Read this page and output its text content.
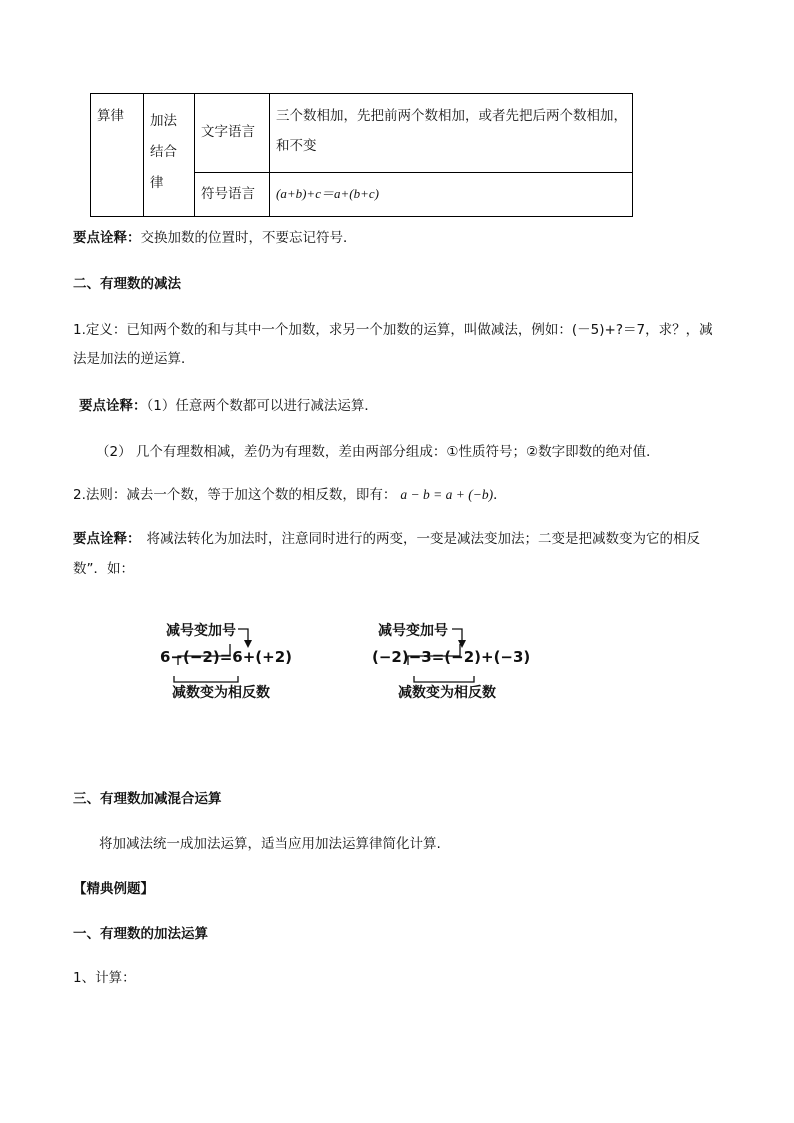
算律 加法
结合
律
文字语言
三个数相加，先把前两个数相加，或者先把后两个数相加，
和不变
符号语言 (a+b)+c＝a+(b+c)
要点诠释：交换加数的位置时，不要忘记符号．
二、有理数的减法
1.定义：已知两个数的和与其中一个加数，求另一个加数的运算，叫做减法，例如：(－5)+?＝7，求？，减
法是加法的逆运算．
要点诠释：（1）任意两个数都可以进行减法运算．
（2） 几个有理数相减，差仍为有理数，差由两部分组成：①性质符号；②数字即数的绝对值．
2.法则：减去一个数，等于加这个数的相反数，即有： a − b = a + (−b)．
要点诠释： 将减法转化为加法时，注意同时进行的两变，一变是减法变加法；二变是把减数变为它的相反
数”．如：
减号变加号
6−(−2)=6+(+2)
减数变为相反数
减号变加号
(−2)−3=(−2)+(−3)
减数变为相反数
三、有理数加减混合运算
将加减法统一成加法运算，适当应用加法运算律简化计算.
【精典例题】
一、有理数的加法运算
1、计算：
